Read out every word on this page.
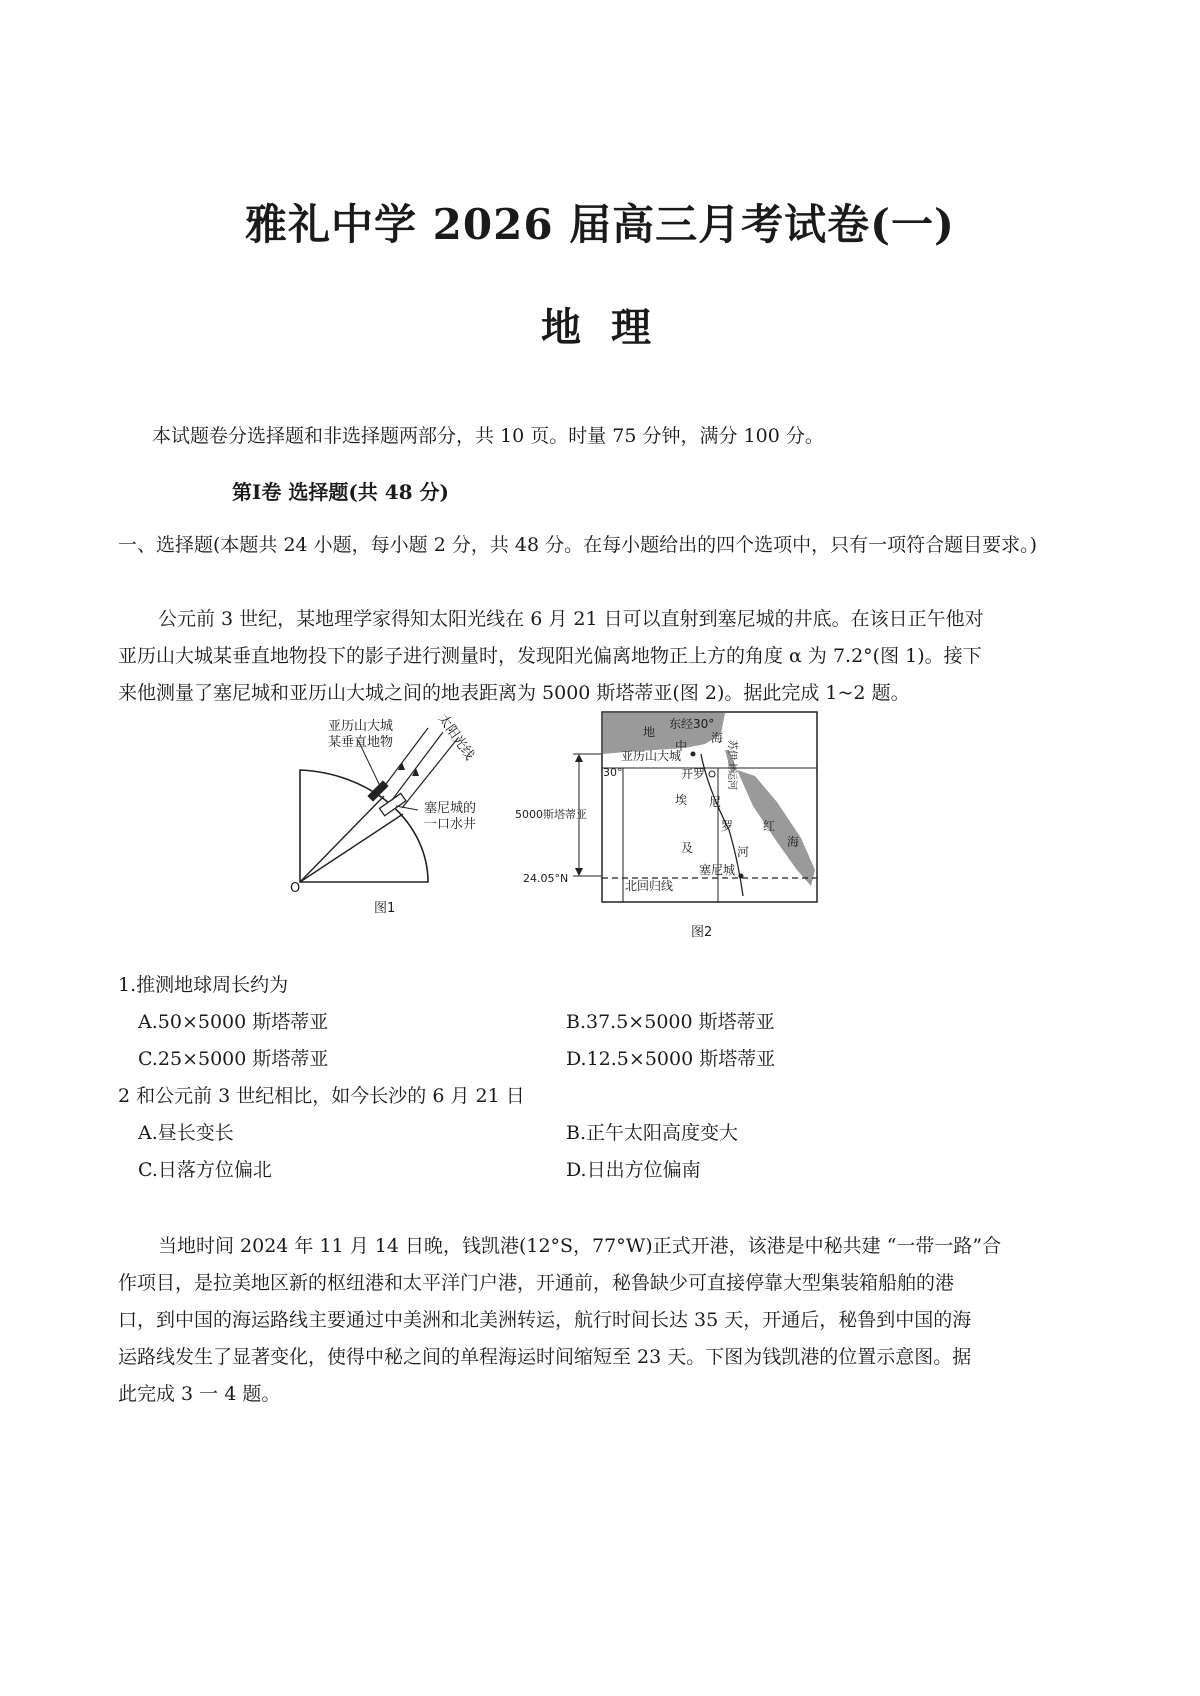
雅礼中学 2026 届高三月考试卷(一)
地 理
本试题卷分选择题和非选择题两部分，共 10 页。时量 75 分钟，满分 100 分。
第Ⅰ卷 选择题(共 48 分)
一、选择题(本题共 24 小题，每小题 2 分，共 48 分。在每小题给出的四个选项中，只有一项符合题目要求。)
公元前 3 世纪，某地理学家得知太阳光线在 6 月 21 日可以直射到塞尼城的井底。在该日正午他对
亚历山大城某垂直地物投下的影子进行测量时，发现阳光偏离地物正上方的角度 α 为 7.2°(图 1)。接下
来他测量了塞尼城和亚历山大城之间的地表距离为 5000 斯塔蒂亚(图 2)。据此完成 1~2 题。
亚历山大城
某垂直地物	太阳光线
塞尼城的
一口水井
O
图1
东经30°
地
中
海
亚历山大城
30°	开罗 苏伊士运河
埃
及
尼
罗
河
红
海
5000斯塔蒂亚
24.05°N
北回归线
塞尼城
图2
1.推测地球周长约为
A.50×5000 斯塔蒂亚	B.37.5×5000 斯塔蒂亚
C.25×5000 斯塔蒂亚	D.12.5×5000 斯塔蒂亚
2 和公元前 3 世纪相比，如今长沙的 6 月 21 日
A.昼长变长	B.正午太阳高度变大
C.日落方位偏北	D.日出方位偏南
当地时间 2024 年 11 月 14 日晚，钱凯港(12°S，77°W)正式开港，该港是中秘共建 “一带一路”合
作项目，是拉美地区新的枢纽港和太平洋门户港，开通前，秘鲁缺少可直接停靠大型集装箱船舶的港
口，到中国的海运路线主要通过中美洲和北美洲转运，航行时间长达 35 天，开通后，秘鲁到中国的海
运路线发生了显著变化，使得中秘之间的单程海运时间缩短至 23 天。下图为钱凯港的位置示意图。据
此完成 3 一 4 题。
